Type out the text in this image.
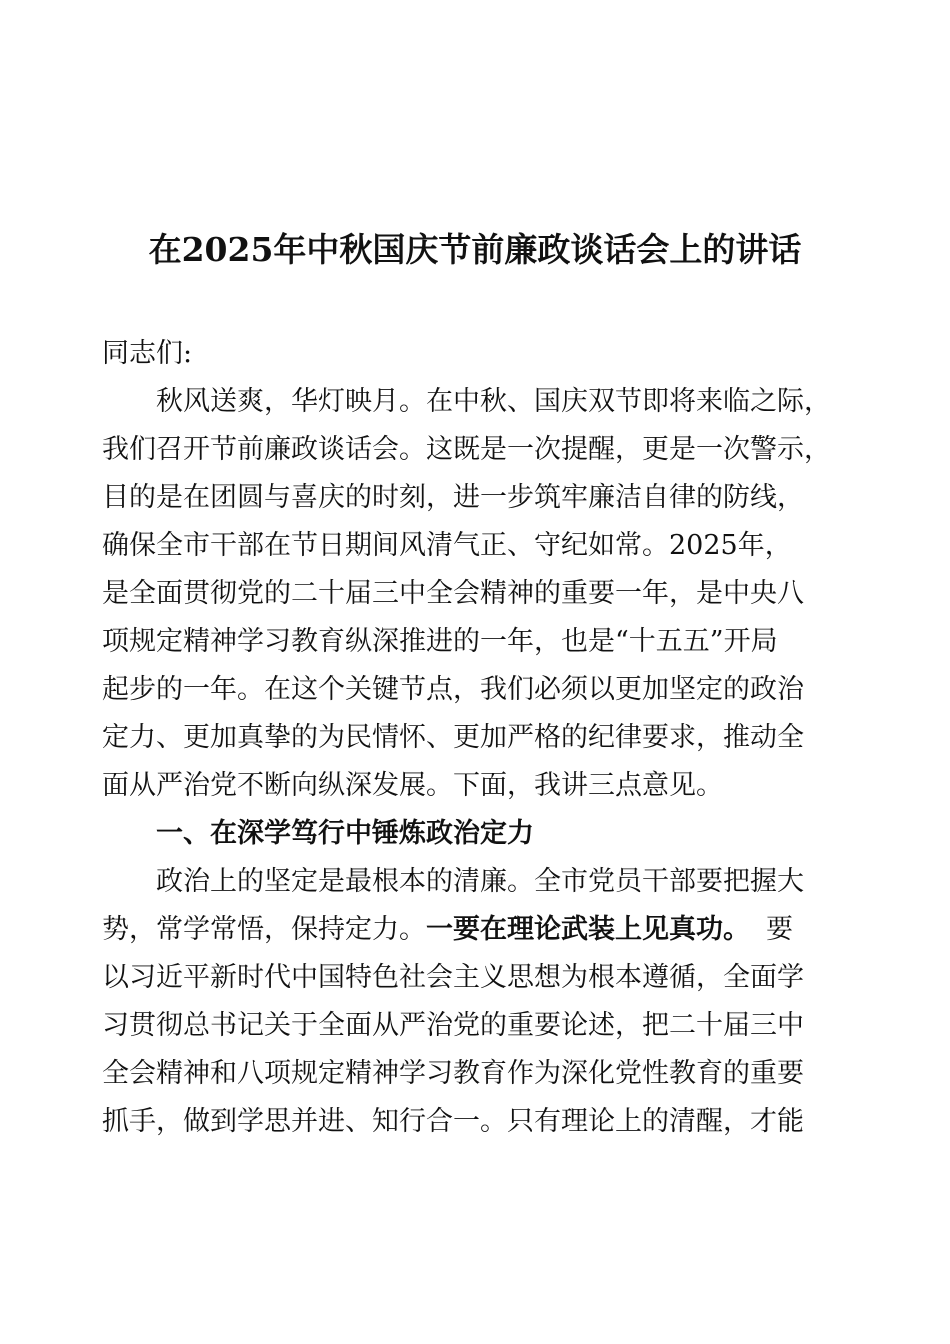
在2025年中秋国庆节前廉政谈话会上的讲话
同志们:
　　秋风送爽，华灯映月。在中秋、国庆双节即将来临之际，
我们召开节前廉政谈话会。这既是一次提醒，更是一次警示，
目的是在团圆与喜庆的时刻，进一步筑牢廉洁自律的防线，
确保全市干部在节日期间风清气正、守纪如常。2025年，
是全面贯彻党的二十届三中全会精神的重要一年，是中央八
项规定精神学习教育纵深推进的一年，也是“十五五”开局
起步的一年。在这个关键节点，我们必须以更加坚定的政治
定力、更加真挚的为民情怀、更加严格的纪律要求，推动全
面从严治党不断向纵深发展。下面，我讲三点意见。
　　一、在深学笃行中锤炼政治定力
　　政治上的坚定是最根本的清廉。全市党员干部要把握大
势，常学常悟，保持定力。一要在理论武装上见真功。 要
以习近平新时代中国特色社会主义思想为根本遵循，全面学
习贯彻总书记关于全面从严治党的重要论述，把二十届三中
全会精神和八项规定精神学习教育作为深化党性教育的重要
抓手，做到学思并进、知行合一。只有理论上的清醒，才能
